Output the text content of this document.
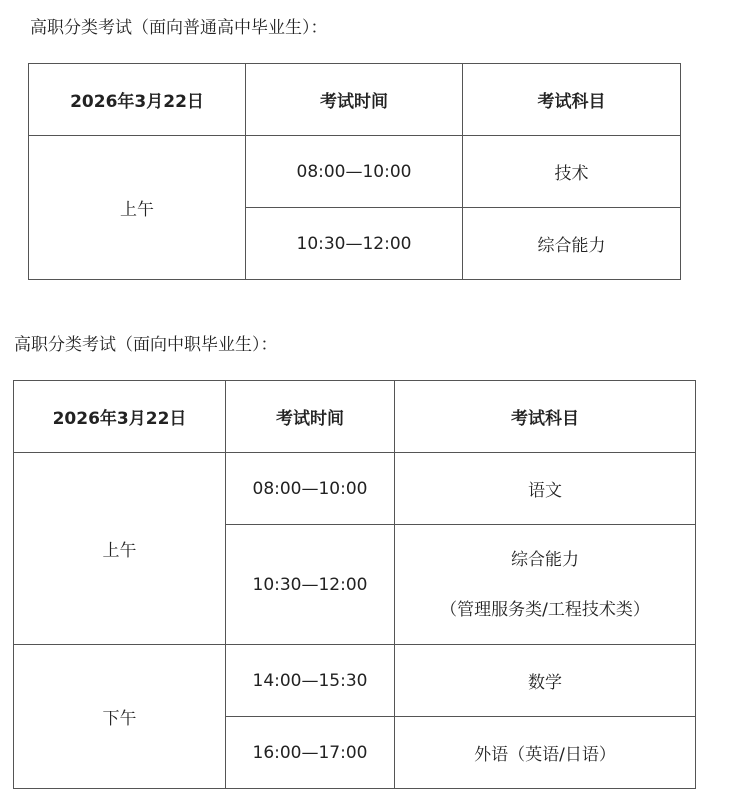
高职分类考试（面向普通高中毕业生）：
2026年3月22日	考试时间	考试科目
上午	08:00—10:00	技术
	10:30—12:00	综合能力
高职分类考试（面向中职毕业生）：
2026年3月22日	考试时间	考试科目
上午	08:00—10:00	语文
	10:30—12:00	综合能力
（管理服务类/工程技术类）

下午	14:00—15:30	数学
	16:00—17:00	外语（英语/日语）
